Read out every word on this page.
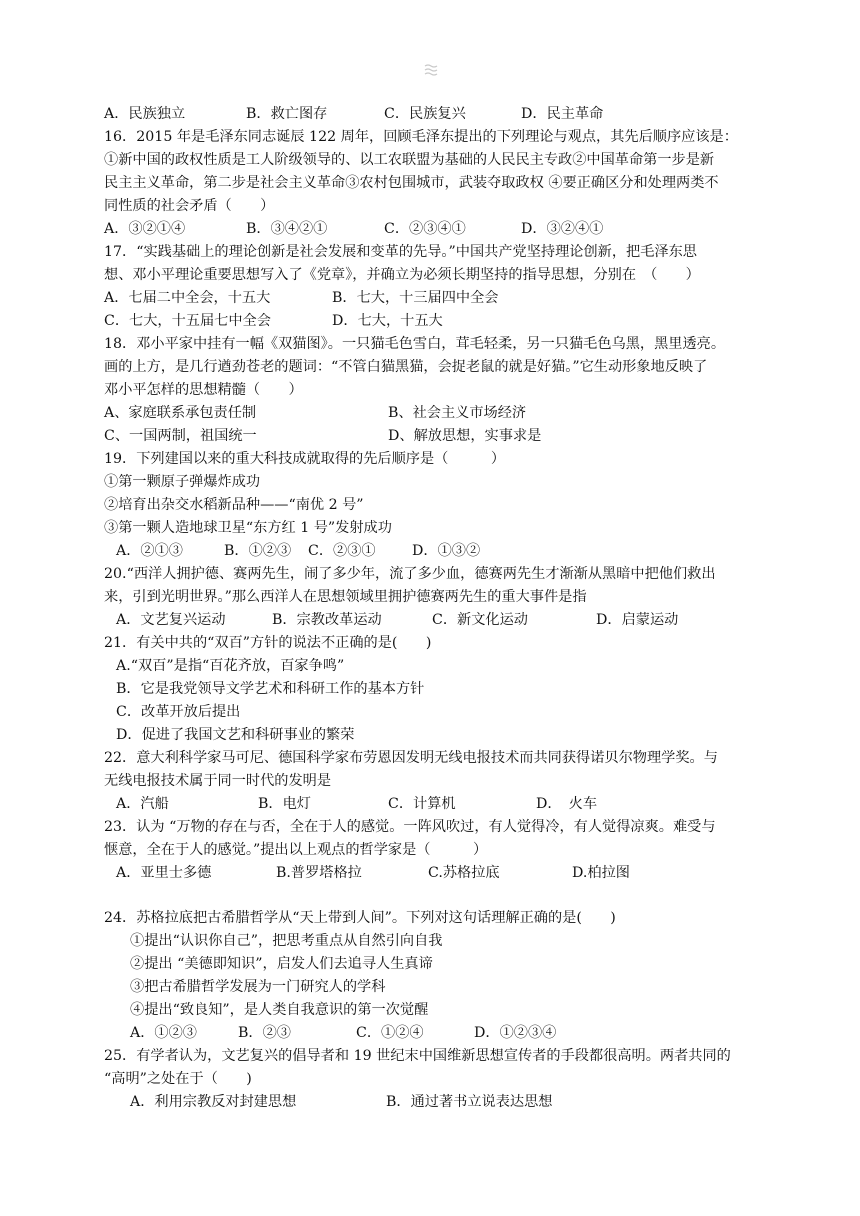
A．民族独立	B．救亡图存	C．民族复兴	D．民主革命
16．2015 年是毛泽东同志诞辰 122 周年，回顾毛泽东提出的下列理论与观点，其先后顺序应该是：
①新中国的政权性质是工人阶级领导的、以工农联盟为基础的人民民主专政②中国革命第一步是新
民主主义革命，第二步是社会主义革命③农村包围城市，武装夺取政权 ④要正确区分和处理两类不
同性质的社会矛盾（　　）
A．③②①④	B．③④②①	C．②③④①	D．③②④①
17．“实践基础上的理论创新是社会发展和变革的先导。”中国共产党坚持理论创新，把毛泽东思
想、邓小平理论重要思想写入了《党章》，并确立为必须长期坚持的指导思想，分别在　（　　）
A．七届二中全会，十五大	B．七大，十三届四中全会
C．七大，十五届七中全会	D．七大，十五大
18．邓小平家中挂有一幅《双猫图》。一只猫毛色雪白，茸毛轻柔，另一只猫毛色乌黑，黑里透亮。
画的上方，是几行遒劲苍老的题词：“不管白猫黑猫，会捉老鼠的就是好猫。”它生动形象地反映了
邓小平怎样的思想精髓（　　）
A、家庭联系承包责任制	B、社会主义市场经济
C、一国两制，祖国统一	D、解放思想，实事求是
19．下列建国以来的重大科技成就取得的先后顺序是（　　　）
①第一颗原子弹爆炸成功
②培育出杂交水稻新品种——“南优 2 号”
③第一颗人造地球卫星“东方红 1 号”发射成功
A．②①③	B．①②③ C．②③①	D．①③②
20.“西洋人拥护德、赛两先生，闹了多少年，流了多少血，德赛两先生才渐渐从黑暗中把他们救出
来，引到光明世界。”那么西洋人在思想领域里拥护德赛两先生的重大事件是指
A．文艺复兴运动	B．宗教改革运动	C．新文化运动	D．启蒙运动
21．有关中共的“双百”方针的说法不正确的是(　　)
A.“双百”是指“百花齐放，百家争鸣”
B．它是我党领导文学艺术和科研工作的基本方针
C．改革开放后提出
D．促进了我国文艺和科研事业的繁荣
22．意大利科学家马可尼、德国科学家布劳恩因发明无线电报技术而共同获得诺贝尔物理学奖。与
无线电报技术属于同一时代的发明是
A．汽船	B．电灯	C．计算机	D．　火车
23．认为 “万物的存在与否，全在于人的感觉。一阵风吹过，有人觉得冷，有人觉得凉爽。难受与
惬意，全在于人的感觉。”提出以上观点的哲学家是（　　　）
A．亚里士多德	B.普罗塔格拉	C.苏格拉底	D.柏拉图
24．苏格拉底把古希腊哲学从“天上带到人间”。下列对这句话理解正确的是(　　)
①提出“认识你自己”，把思考重点从自然引向自我
②提出 “美德即知识”，启发人们去追寻人生真谛
③把古希腊哲学发展为一门研究人的学科
④提出“致良知”，是人类自我意识的第一次觉醒
A．①②③	B．②③	C．①②④	D．①②③④
25．有学者认为，文艺复兴的倡导者和 19 世纪末中国维新思想宣传者的手段都很高明。两者共同的
“高明”之处在于（　　)
A．利用宗教反对封建思想	B．通过著书立说表达思想
